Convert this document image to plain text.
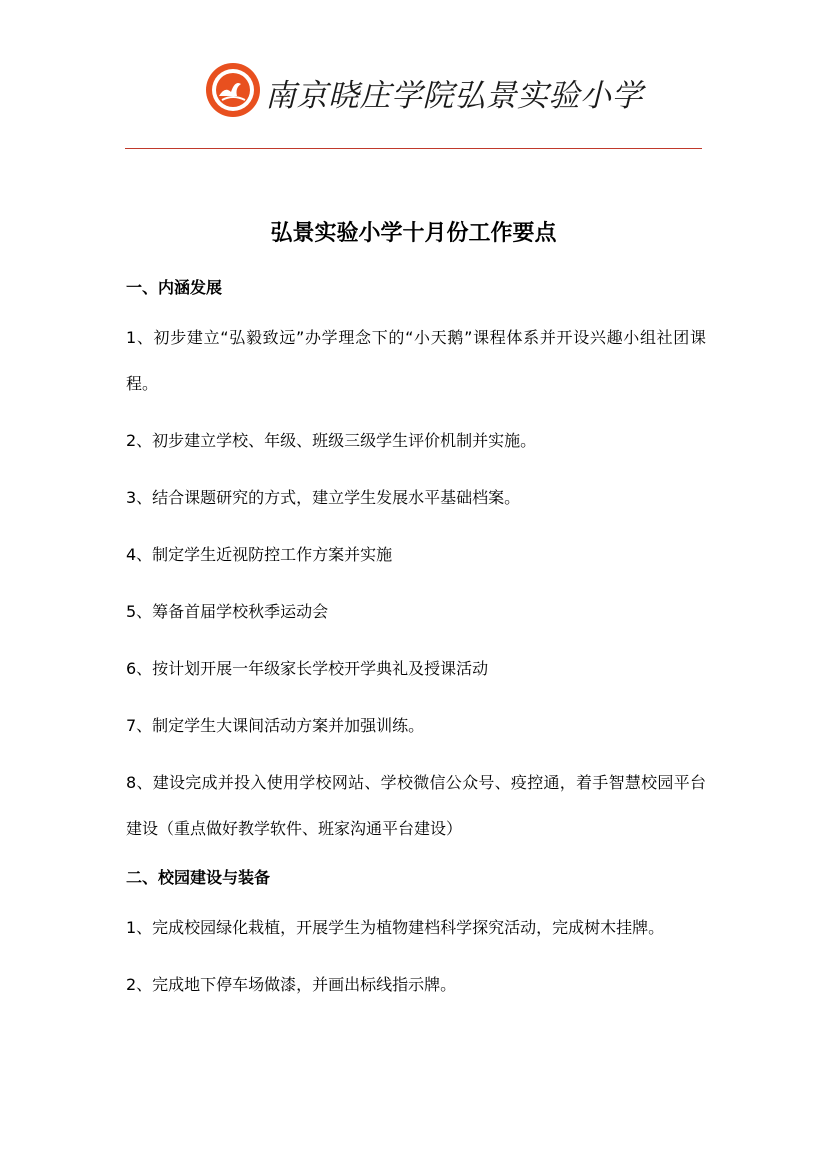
南京晓庄学院弘景实验小学
弘景实验小学十月份工作要点

一、内涵发展

1、初步建立“弘毅致远”办学理念下的“小天鹅”课程体系并开设兴趣小组社团课程。

2、初步建立学校、年级、班级三级学生评价机制并实施。

3、结合课题研究的方式，建立学生发展水平基础档案。

4、制定学生近视防控工作方案并实施

5、筹备首届学校秋季运动会

6、按计划开展一年级家长学校开学典礼及授课活动

7、制定学生大课间活动方案并加强训练。

8、建设完成并投入使用学校网站、学校微信公众号、疫控通，着手智慧校园平台建设（重点做好教学软件、班家沟通平台建设）

二、校园建设与装备

1、完成校园绿化栽植，开展学生为植物建档科学探究活动，完成树木挂牌。

2、完成地下停车场做漆，并画出标线指示牌。
